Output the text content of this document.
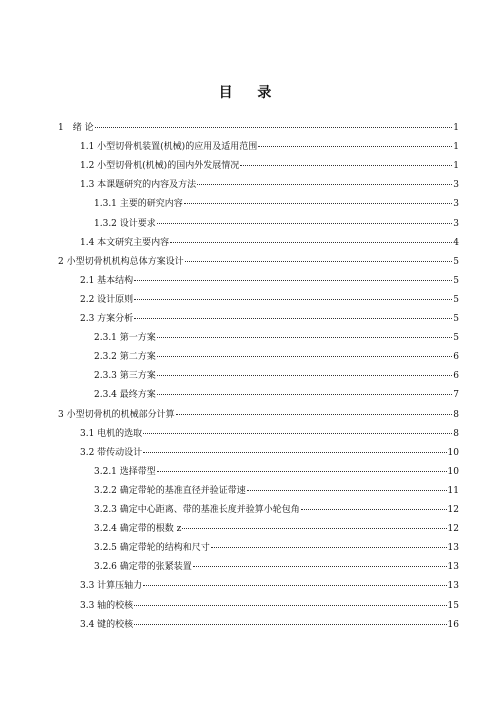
目 录
1　绪 论	1
1.1 小型切骨机装置(机械)的应用及适用范围	1
1.2 小型切骨机(机械)的国内外发展情况	1
1.3 本课题研究的内容及方法	3
1.3.1 主要的研究内容	3
1.3.2 设计要求	3
1.4 本文研究主要内容	4
2 小型切骨机机构总体方案设计	5
2.1 基本结构	5
2.2 设计原则	5
2.3 方案分析	5
2.3.1 第一方案	5
2.3.2 第二方案	6
2.3.3 第三方案	6
2.3.4 最终方案	7
3 小型切骨机的机械部分计算	8
3.1 电机的选取	8
3.2 带传动设计	10
3.2.1 选择带型	10
3.2.2 确定带轮的基准直径并验证带速	11
3.2.3 确定中心距离、带的基准长度并验算小轮包角	12
3.2.4 确定带的根数 z	12
3.2.5 确定带轮的结构和尺寸	13
3.2.6 确定带的张紧装置	13
3.3 计算压轴力	13
3.3 轴的校核	15
3.4 键的校核	16
